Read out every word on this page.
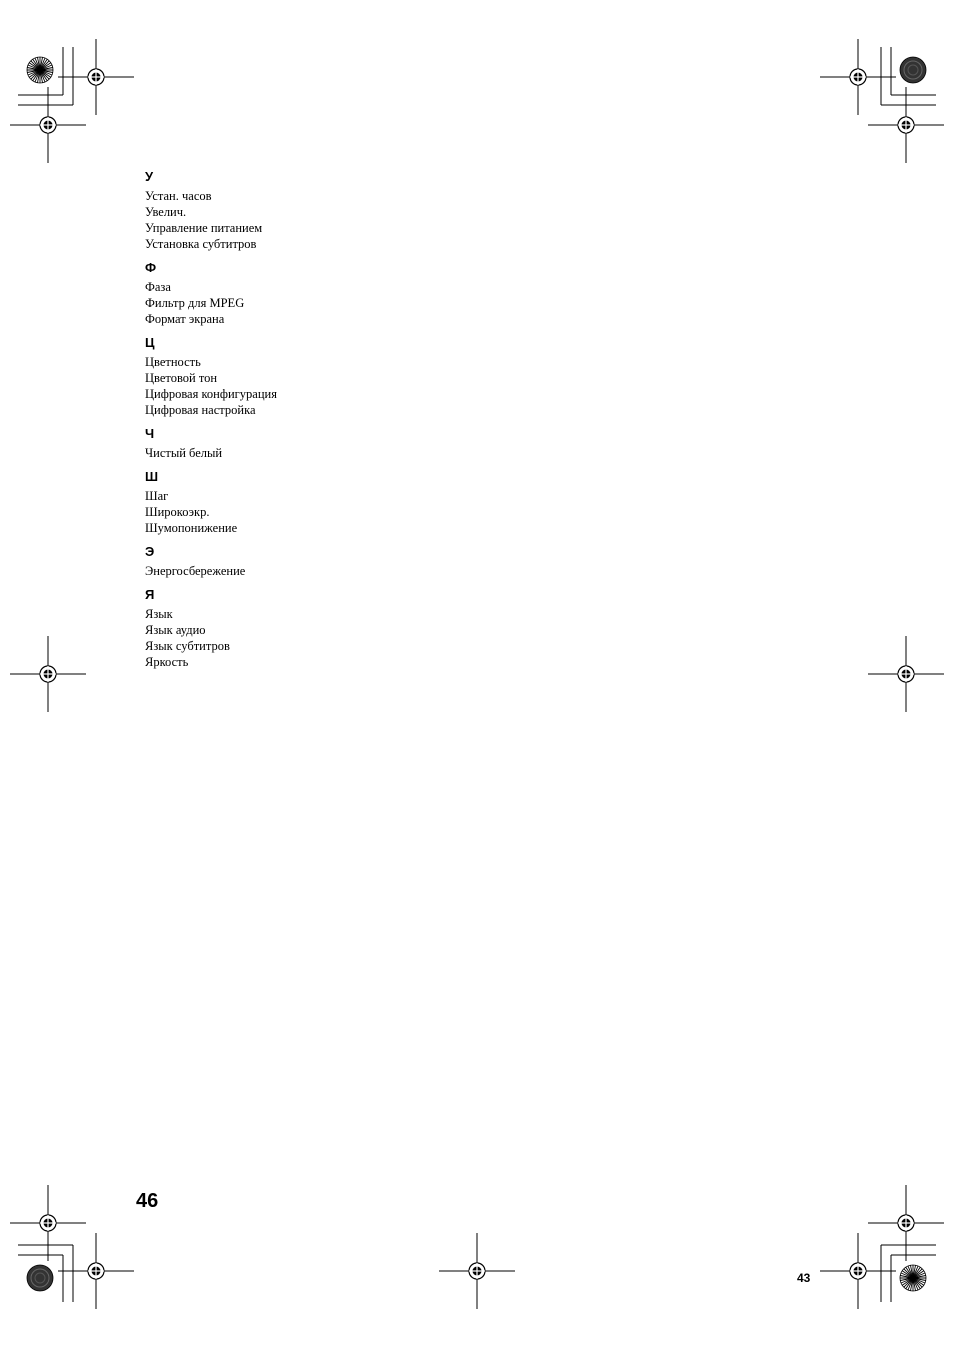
У
Устан. часов
Увелич.
Управление питанием
Установка субтитров
Ф
Фаза
Фильтр для MPEG
Формат экрана
Ц
Цветность
Цветовой тон
Цифровая конфигурация
Цифровая настройка
Ч
Чистый белый
Ш
Шаг
Широкоэкр.
Шумопонижение
Э
Энергосбережение
Я
Язык
Язык аудио
Язык субтитров
Яркость
46
43
